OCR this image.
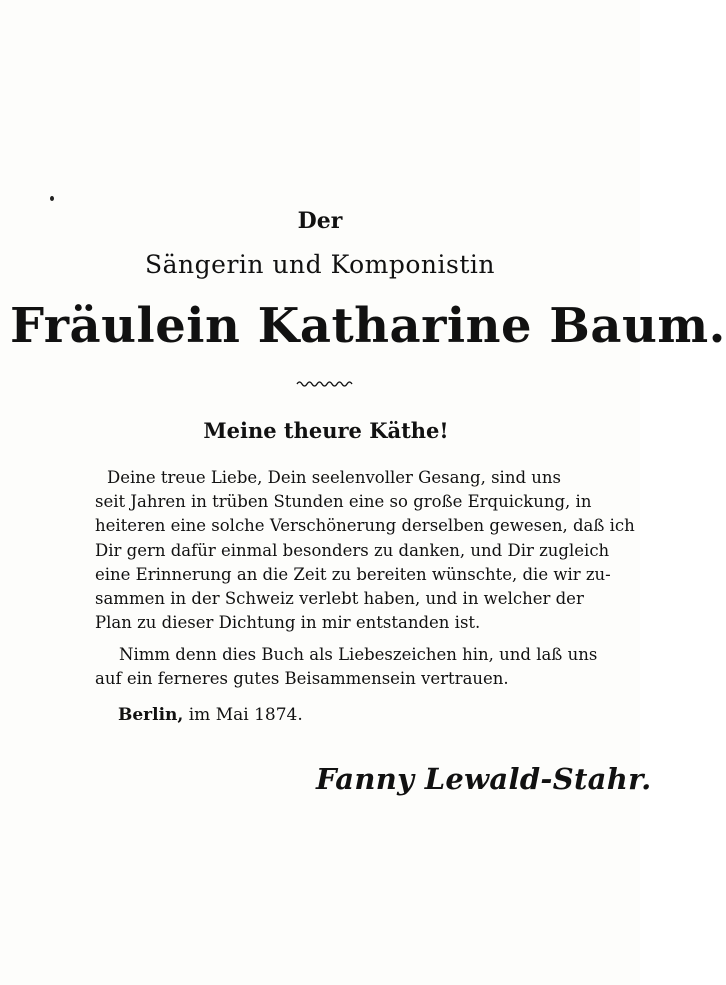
Der
Sängerin und Komponistin
Fräulein Katharine Baum.
Meine theure Käthe!
Deine treue Liebe, Dein seelenvoller Gesang, sind uns
seit Jahren in trüben Stunden eine so große Erquickung, in
heiteren eine solche Verschönerung derselben gewesen, daß ich
Dir gern dafür einmal besonders zu danken, und Dir zugleich
eine Erinnerung an die Zeit zu bereiten wünschte, die wir zu-
sammen in der Schweiz verlebt haben, und in welcher der
Plan zu dieser Dichtung in mir entstanden ist.
Nimm denn dies Buch als Liebeszeichen hin, und laß uns
auf ein ferneres gutes Beisammensein vertrauen.
Berlin, im Mai 1874.
Fanny Lewald-Stahr.
